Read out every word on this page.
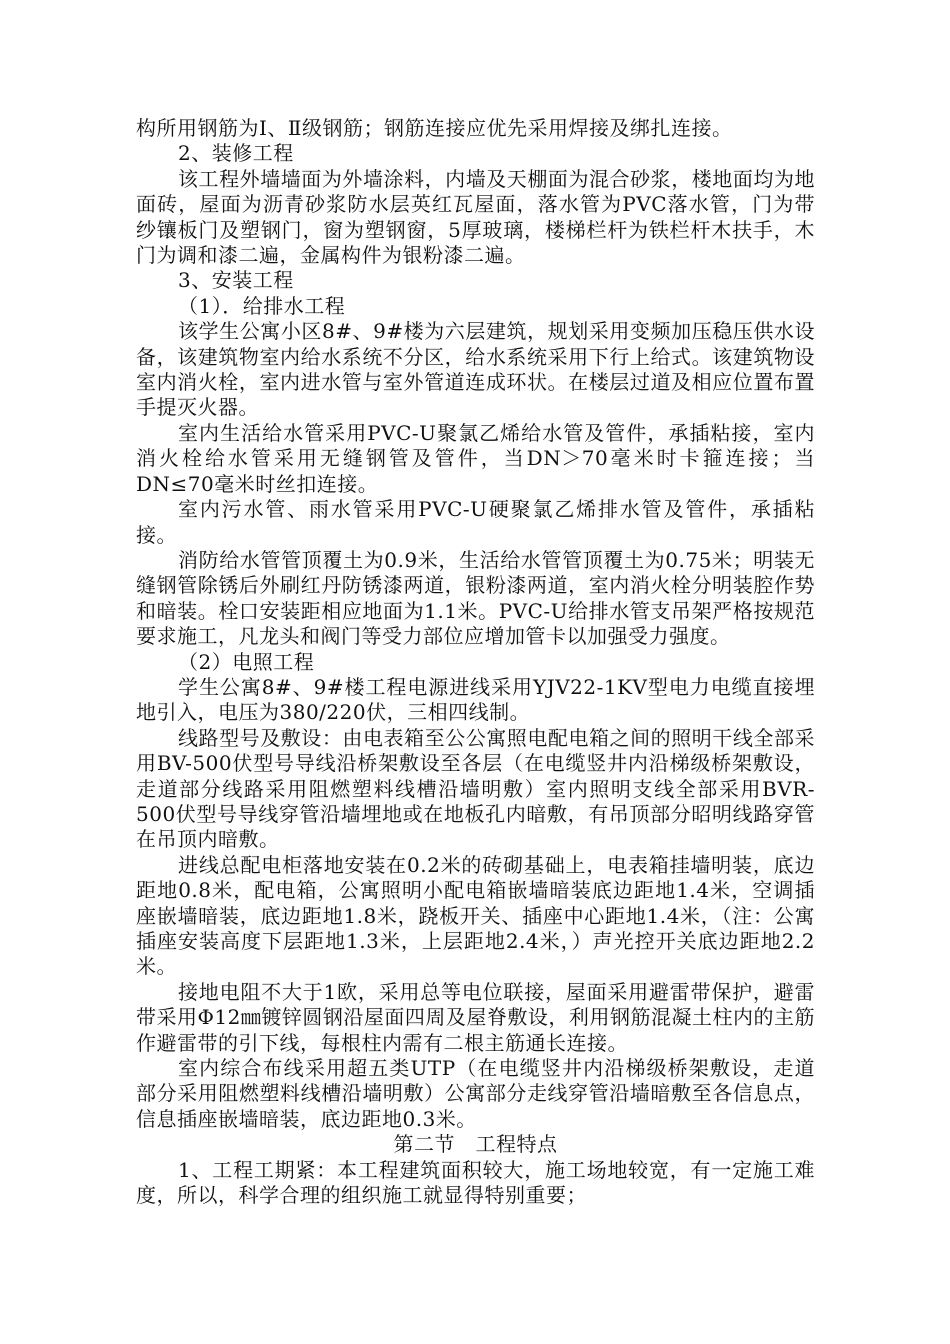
构所用钢筋为Ⅰ、Ⅱ级钢筋；钢筋连接应优先采用焊接及绑扎连接。

2、装修工程

该工程外墙墙面为外墙涂料，内墙及天棚面为混合砂浆，楼地面均为地面砖，屋面为沥青砂浆防水层英红瓦屋面，落水管为PVC落水管，门为带纱镶板门及塑钢门，窗为塑钢窗，5厚玻璃，楼梯栏杆为铁栏杆木扶手，木门为调和漆二遍，金属构件为银粉漆二遍。

3、安装工程

（1）．给排水工程

该学生公寓小区8#、9#楼为六层建筑，规划采用变频加压稳压供水设备，该建筑物室内给水系统不分区，给水系统采用下行上给式。该建筑物设室内消火栓，室内进水管与室外管道连成环状。在楼层过道及相应位置布置手提灭火器。

室内生活给水管采用PVC-U聚氯乙烯给水管及管件，承插粘接，室内消火栓给水管采用无缝钢管及管件，当DN＞70毫米时卡箍连接；当DN≤70毫米时丝扣连接。

室内污水管、雨水管采用PVC-U硬聚氯乙烯排水管及管件，承插粘接。

消防给水管管顶覆土为0.9米，生活给水管管顶覆土为0.75米；明装无缝钢管除锈后外刷红丹防锈漆两道，银粉漆两道，室内消火栓分明装腔作势和暗装。栓口安装距相应地面为1.1米。PVC-U给排水管支吊架严格按规范要求施工，凡龙头和阀门等受力部位应增加管卡以加强受力强度。

（2）电照工程

学生公寓8#、9#楼工程电源进线采用YJV22-1KV型电力电缆直接埋地引入，电压为380/220伏，三相四线制。

线路型号及敷设：由电表箱至公公寓照电配电箱之间的照明干线全部采用BV-500伏型号导线沿桥架敷设至各层（在电缆竖井内沿梯级桥架敷设，走道部分线路采用阻燃塑料线槽沿墙明敷）室内照明支线全部采用BVR-500伏型号导线穿管沿墙埋地或在地板孔内暗敷，有吊顶部分昭明线路穿管在吊顶内暗敷。

进线总配电柜落地安装在0.2米的砖砌基础上，电表箱挂墙明装，底边距地0.8米，配电箱，公寓照明小配电箱嵌墙暗装底边距地1.4米，空调插座嵌墙暗装，底边距地1.8米，跷板开关、插座中心距地1.4米，（注：公寓插座安装高度下层距地1.3米，上层距地2.4米，）声光控开关底边距地2.2米。

接地电阻不大于1欧，采用总等电位联接，屋面采用避雷带保护，避雷带采用Φ12㎜镀锌圆钢沿屋面四周及屋脊敷设，利用钢筋混凝土柱内的主筋作避雷带的引下线，每根柱内需有二根主筋通长连接。

室内综合布线采用超五类UTP（在电缆竖井内沿梯级桥架敷设，走道部分采用阻燃塑料线槽沿墙明敷）公寓部分走线穿管沿墙暗敷至各信息点，信息插座嵌墙暗装，底边距地0.3米。

第二节　工程特点

1、工程工期紧：本工程建筑面积较大，施工场地较宽，有一定施工难度，所以，科学合理的组织施工就显得特别重要；
